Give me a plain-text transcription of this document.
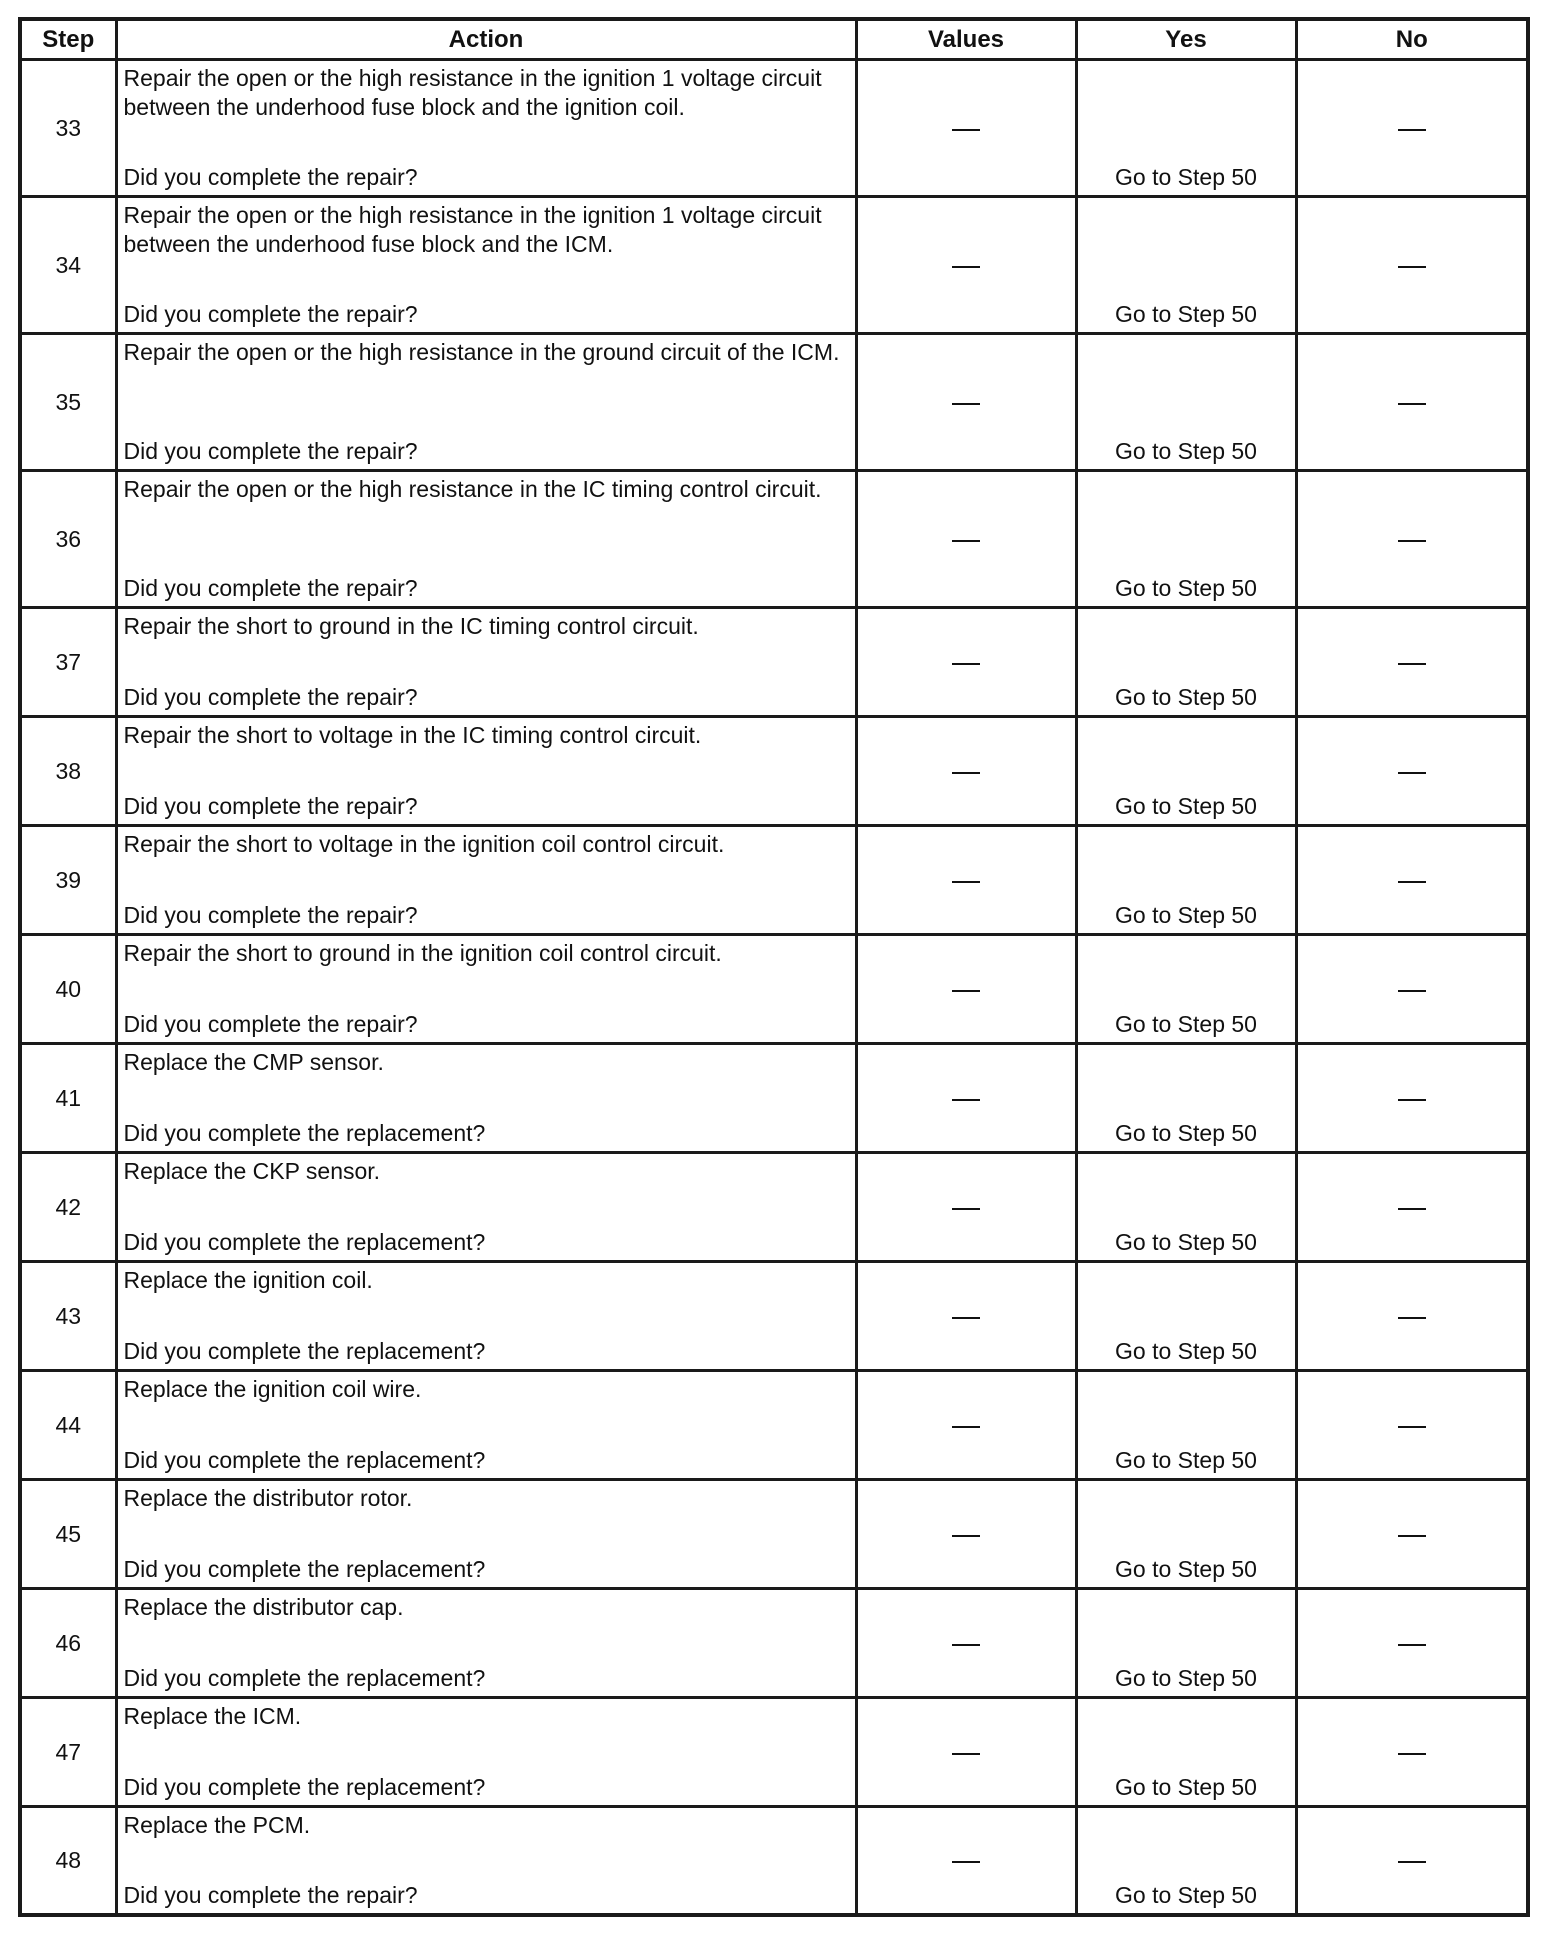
Step	Action	Values	Yes	No
33	Repair the open or the high resistance in the ignition 1 voltage circuit between the underhood fuse block and the ignition coil.
Did you complete the repair?		Go to Step 50

34	Repair the open or the high resistance in the ignition 1 voltage circuit between the underhood fuse block and the ICM.
Did you complete the repair?		Go to Step 50

35	Repair the open or the high resistance in the ground circuit of the ICM.
Did you complete the repair?		Go to Step 50

36	Repair the open or the high resistance in the IC timing control circuit.
Did you complete the repair?		Go to Step 50

37	Repair the short to ground in the IC timing control circuit.
Did you complete the repair?		Go to Step 50

38	Repair the short to voltage in the IC timing control circuit.
Did you complete the repair?		Go to Step 50

39	Repair the short to voltage in the ignition coil control circuit.
Did you complete the repair?		Go to Step 50

40	Repair the short to ground in the ignition coil control circuit.
Did you complete the repair?		Go to Step 50

41	Replace the CMP sensor.
Did you complete the replacement?		Go to Step 50

42	Replace the CKP sensor.
Did you complete the replacement?		Go to Step 50

43	Replace the ignition coil.
Did you complete the replacement?		Go to Step 50

44	Replace the ignition coil wire.
Did you complete the replacement?		Go to Step 50

45	Replace the distributor rotor.
Did you complete the replacement?		Go to Step 50

46	Replace the distributor cap.
Did you complete the replacement?		Go to Step 50

47	Replace the ICM.
Did you complete the replacement?		Go to Step 50

48	Replace the PCM.
Did you complete the repair?		Go to Step 50
